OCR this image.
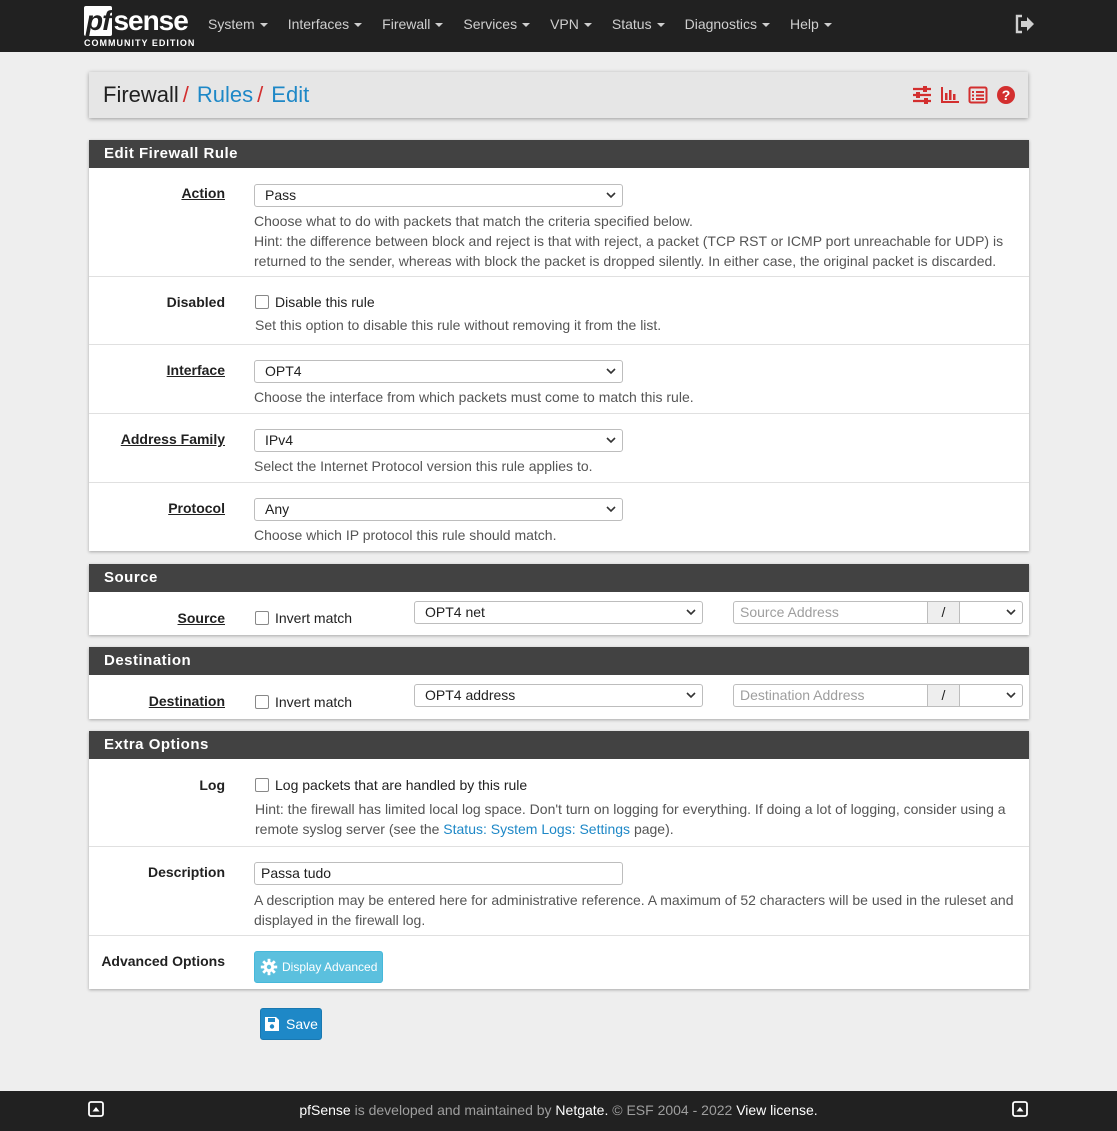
pf sense
COMMUNITY EDITION
System	Interfaces	Firewall	Services	VPN	Status	Diagnostics	Help
Firewall / Rules / Edit	?
Edit Firewall Rule
Action	Pass
Choose what to do with packets that match the criteria specified below.
Hint: the difference between block and reject is that with reject, a packet (TCP RST or ICMP port unreachable for UDP) is returned to the sender, whereas with block the packet is dropped silently. In either case, the original packet is discarded.
Disabled	Disable this rule
Set this option to disable this rule without removing it from the list.
Interface	OPT4
Choose the interface from which packets must come to match this rule.
Address Family	IPv4
Select the Internet Protocol version this rule applies to.
Protocol	Any
Choose which IP protocol this rule should match.
Source
Source	Invert match	OPT4 net	Source Address	/
Destination
Destination	Invert match	OPT4 address	Destination Address	/
Extra Options
Log	Log packets that are handled by this rule
Hint: the firewall has limited local log space. Don't turn on logging for everything. If doing a lot of logging, consider using a remote syslog server (see the Status: System Logs: Settings page).
Description	Passa tudo
A description may be entered here for administrative reference. A maximum of 52 characters will be used in the ruleset and displayed in the firewall log.
Advanced Options	Display Advanced
Save
pfSense is developed and maintained by Netgate. © ESF 2004 - 2022 View license.
